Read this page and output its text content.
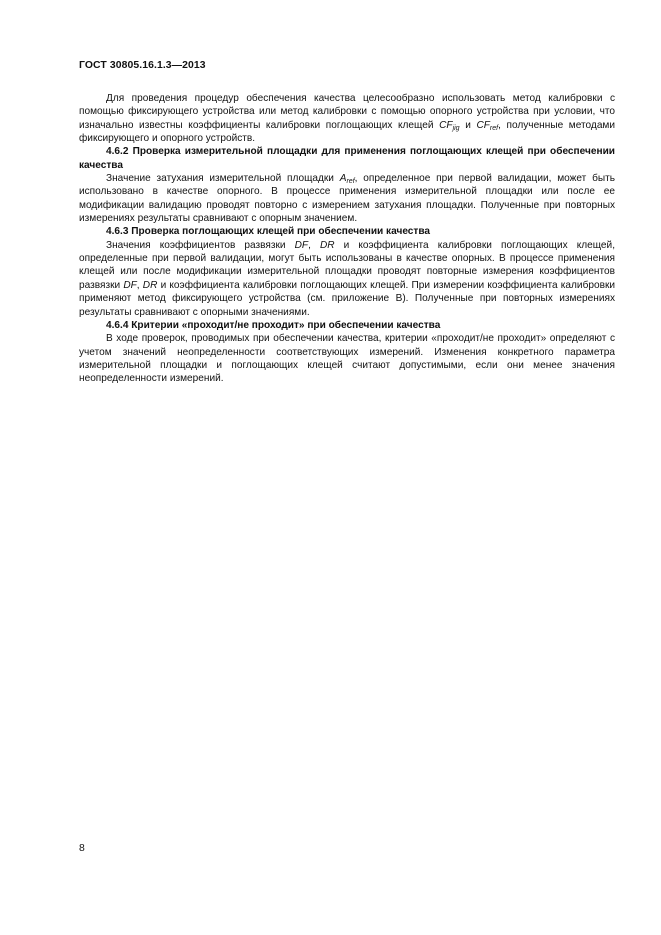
ГОСТ 30805.16.1.3—2013

Для проведения процедур обеспечения качества целесообразно использовать метод калибровки с помощью фиксирующего устройства или метод калибровки с помощью опорного устройства при условии, что изначально известны коэффициенты калибровки поглощающих клещей $CF_{jig}$ и $CF_{ref}$, полученные методами фиксирующего и опорного устройств.

4.6.2 Проверка измерительной площадки для применения поглощающих клещей при обеспечении качества

Значение затухания измерительной площадки $A_{ref}$, определенное при первой валидации, может быть использовано в качестве опорного. В процессе применения измерительной площадки или после ее модификации валидацию проводят повторно с измерением затухания площадки. Полученные при повторных измерениях результаты сравнивают с опорным значением.

4.6.3 Проверка поглощающих клещей при обеспечении качества

Значения коэффициентов развязки DF, DR и коэффициента калибровки поглощающих клещей, определенные при первой валидации, могут быть использованы в качестве опорных. В процессе применения клещей или после модификации измерительной площадки проводят повторные измерения коэффициентов развязки DF, DR и коэффициента калибровки поглощающих клещей. При измерении коэффициента калибровки применяют метод фиксирующего устройства (см. приложение В). Полученные при повторных измерениях результаты сравнивают с опорными значениями.

4.6.4 Критерии «проходит/не проходит» при обеспечении качества

В ходе проверок, проводимых при обеспечении качества, критерии «проходит/не проходит» определяют с учетом значений неопределенности соответствующих измерений. Изменения конкретного параметра измерительной площадки и поглощающих клещей считают допустимыми, если они менее значения неопределенности измерений.

8
